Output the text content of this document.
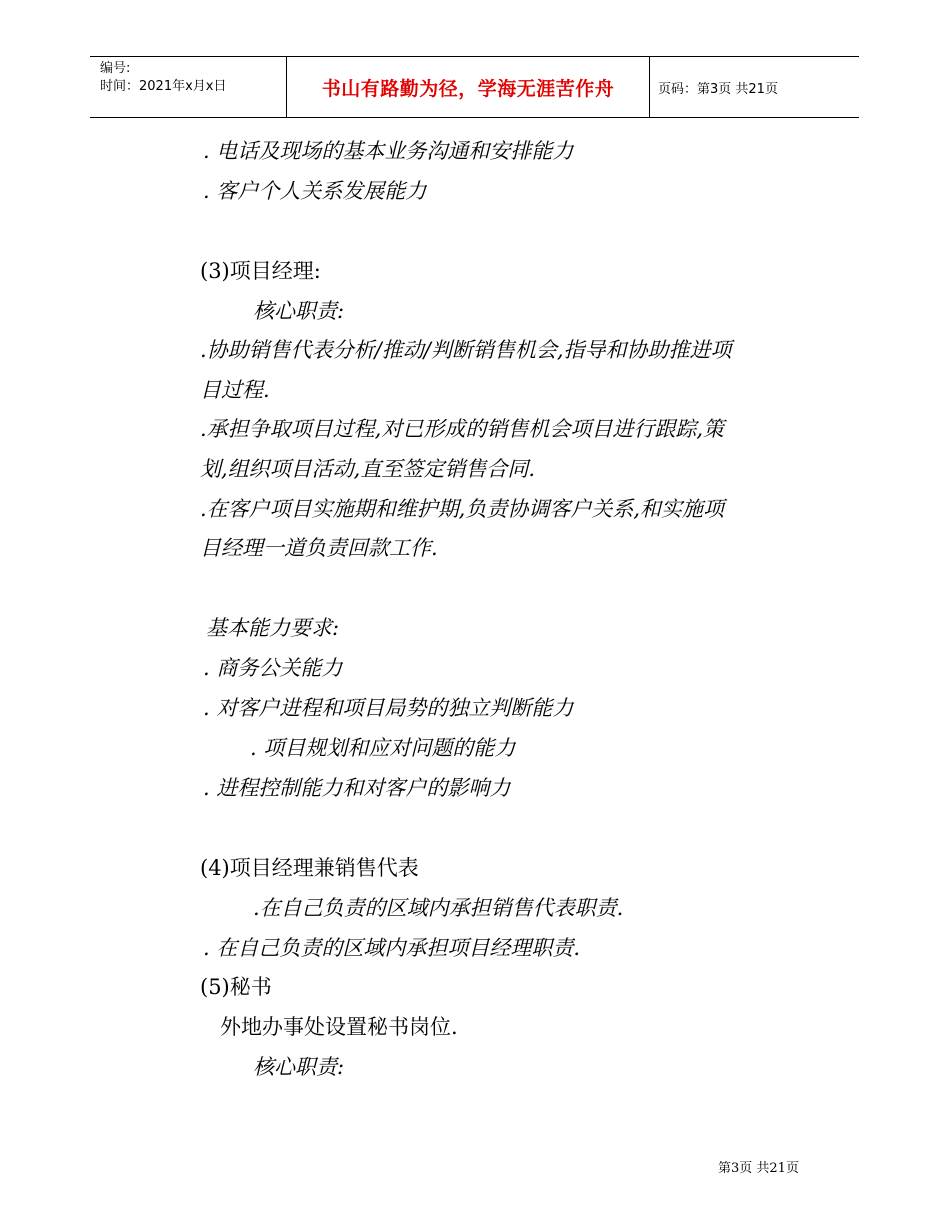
编号:
时间：2021年x月x日	书山有路勤为径，学海无涯苦作舟	页码：第3页 共21页
. 电话及现场的基本业务沟通和安排能力
. 客户个人关系发展能力
(3)项目经理:
核心职责:
.协助销售代表分析/推动/判断销售机会,指导和协助推进项
目过程.
.承担争取项目过程,对已形成的销售机会项目进行跟踪,策
划,组织项目活动,直至签定销售合同.
.在客户项目实施期和维护期,负责协调客户关系,和实施项
目经理一道负责回款工作.
基本能力要求:
. 商务公关能力
. 对客户进程和项目局势的独立判断能力
. 项目规划和应对问题的能力
. 进程控制能力和对客户的影响力
(4)项目经理兼销售代表
.在自己负责的区域内承担销售代表职责.
. 在自己负责的区域内承担项目经理职责.
(5)秘书
外地办事处设置秘书岗位.
核心职责:
第3页 共21页
